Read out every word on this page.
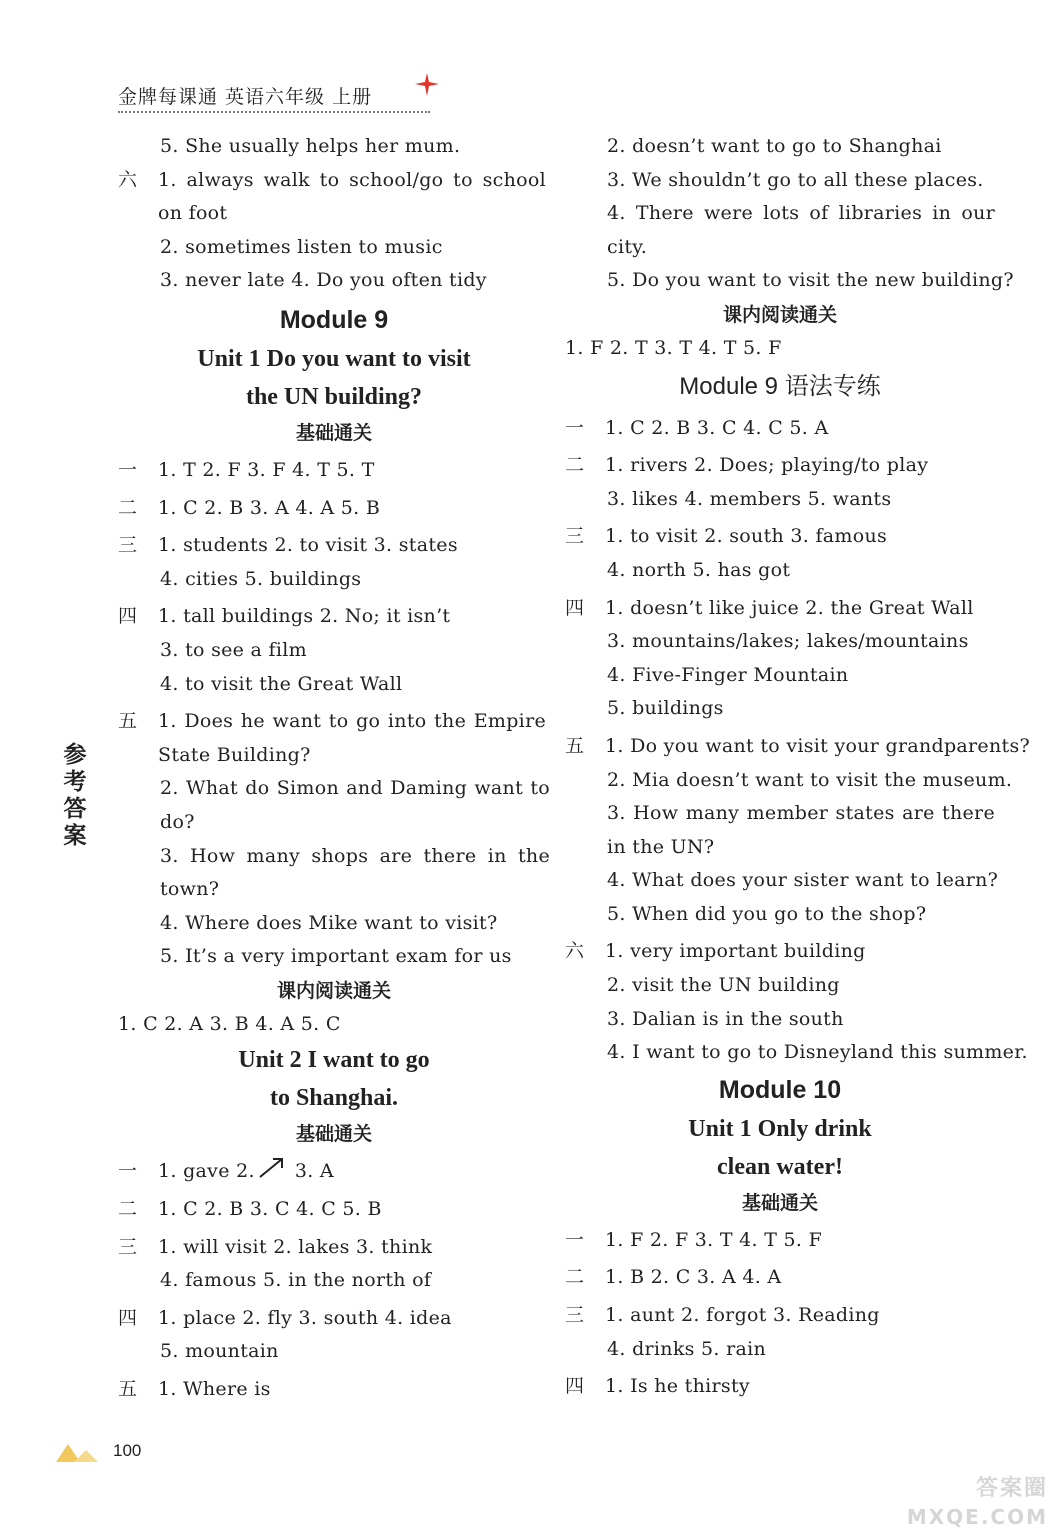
金牌每课通 英语六年级 上册
5. She usually helps her mum.
六 1. always walk to school/go to school on foot
2. sometimes listen to music
3. never late 4. Do you often tidy
Module 9
Unit 1 Do you want to visit
the UN building?
基础通关
一 1. T 2. F 3. F 4. T 5. T
二 1. C 2. B 3. A 4. A 5. B
三 1. students 2. to visit 3. states
4. cities 5. buildings
四 1. tall buildings 2. No; it isn’t
3. to see a film
4. to visit the Great Wall
五 1. Does he want to go into the Empire State Building?
2. What do Simon and Daming want to do?
3. How many shops are there in the town?
4. Where does Mike want to visit?
5. It’s a very important exam for us
课内阅读通关
1. C 2. A 3. B 4. A 5. C
Unit 2 I want to go
to Shanghai.
基础通关
一 1. gave 2. 3. A
二 1. C 2. B 3. C 4. C 5. B
三 1. will visit 2. lakes 3. think
4. famous 5. in the north of
四 1. place 2. fly 3. south 4. idea
5. mountain
五 1. Where is
2. doesn’t want to go to Shanghai
3. We shouldn’t go to all these places.
4. There were lots of libraries in our city.
5. Do you want to visit the new building?
课内阅读通关
1. F 2. T 3. T 4. T 5. F
Module 9 语法专练
一 1. C 2. B 3. C 4. C 5. A
二 1. rivers 2. Does; playing/to play
3. likes 4. members 5. wants
三 1. to visit 2. south 3. famous
4. north 5. has got
四 1. doesn’t like juice 2. the Great Wall
3. mountains/lakes; lakes/mountains
4. Five-Finger Mountain
5. buildings
五 1. Do you want to visit your grandparents?
2. Mia doesn’t want to visit the museum.
3. How many member states are there in the UN?
4. What does your sister want to learn?
5. When did you go to the shop?
六 1. very important building
2. visit the UN building
3. Dalian is in the south
4. I want to go to Disneyland this summer.
Module 10
Unit 1 Only drink
clean water!
基础通关
一 1. F 2. F 3. T 4. T 5. F
二 1. B 2. C 3. A 4. A
三 1. aunt 2. forgot 3. Reading
4. drinks 5. rain
四 1. Is he thirsty
参
考
答
案
100
答案圈
MXQE.COM
